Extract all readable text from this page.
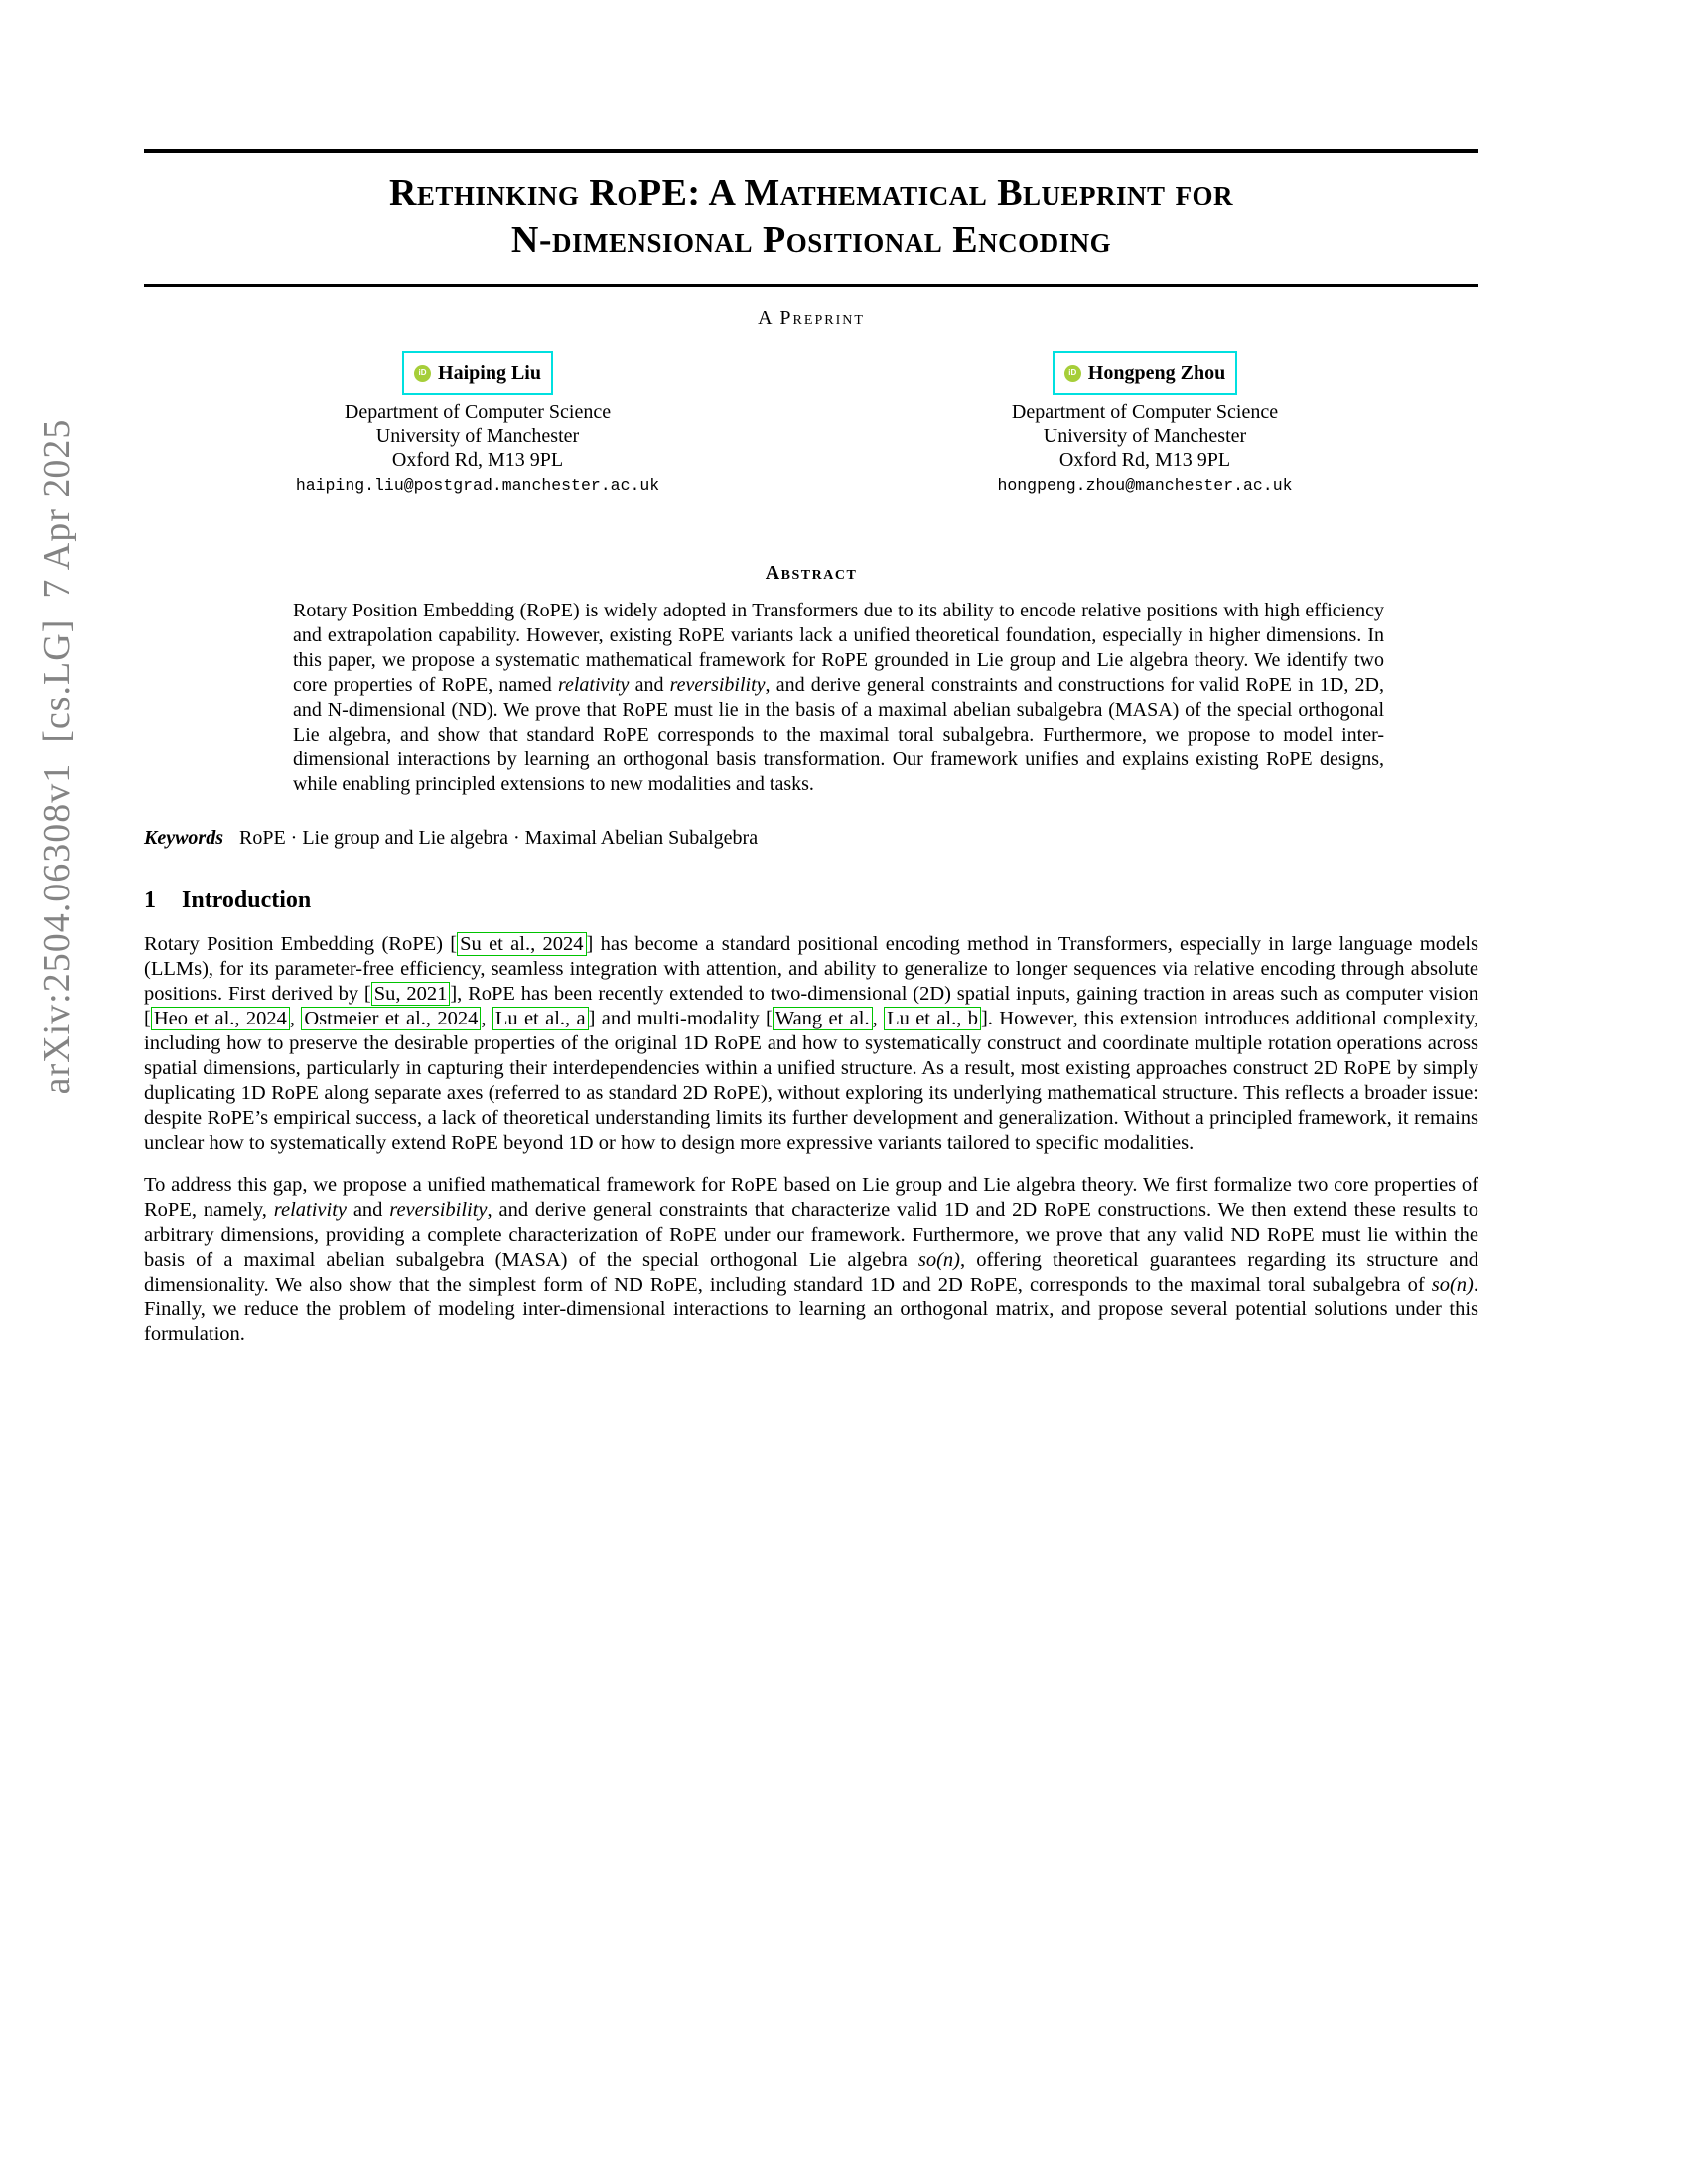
arXiv:2504.06308v1  [cs.LG]  7 Apr 2025
Rethinking RoPE: A Mathematical Blueprint for
N-dimensional Positional Encoding
A Preprint
iD
Haiping Liu
Department of Computer Science
University of Manchester
Oxford Rd, M13 9PL
haiping.liu@postgrad.manchester.ac.uk
iD
Hongpeng Zhou
Department of Computer Science
University of Manchester
Oxford Rd, M13 9PL
hongpeng.zhou@manchester.ac.uk
Abstract

Rotary Position Embedding (RoPE) is widely adopted in Transformers due to its ability to encode relative positions with high efficiency and extrapolation capability. However, existing RoPE variants lack a unified theoretical foundation, especially in higher dimensions. In this paper, we propose a systematic mathematical framework for RoPE grounded in Lie group and Lie algebra theory. We identify two core properties of RoPE, named relativity and reversibility, and derive general constraints and constructions for valid RoPE in 1D, 2D, and N-dimensional (ND). We prove that RoPE must lie in the basis of a maximal abelian subalgebra (MASA) of the special orthogonal Lie algebra, and show that standard RoPE corresponds to the maximal toral subalgebra. Furthermore, we propose to model inter-dimensional interactions by learning an orthogonal basis transformation. Our framework unifies and explains existing RoPE designs, while enabling principled extensions to new modalities and tasks.

Keywords RoPE · Lie group and Lie algebra · Maximal Abelian Subalgebra

1 Introduction

Rotary Position Embedding (RoPE) [ Su et al., 2024 ] has become a standard positional encoding method in Transformers, especially in large language models (LLMs), for its parameter-free efficiency, seamless integration with attention, and ability to generalize to longer sequences via relative encoding through absolute positions. First derived by [ Su, 2021 ], RoPE has been recently extended to two-dimensional (2D) spatial inputs, gaining traction in areas such as computer vision [ Heo et al., 2024 , Ostmeier et al., 2024 , Lu et al., a ] and multi-modality [ Wang et al. , Lu et al., b ]. However, this extension introduces additional complexity, including how to preserve the desirable properties of the original 1D RoPE and how to systematically construct and coordinate multiple rotation operations across spatial dimensions, particularly in capturing their interdependencies within a unified structure. As a result, most existing approaches construct 2D RoPE by simply duplicating 1D RoPE along separate axes (referred to as standard 2D RoPE), without exploring its underlying mathematical structure. This reflects a broader issue: despite RoPE’s empirical success, a lack of theoretical understanding limits its further development and generalization. Without a principled framework, it remains unclear how to systematically extend RoPE beyond 1D or how to design more expressive variants tailored to specific modalities.

To address this gap, we propose a unified mathematical framework for RoPE based on Lie group and Lie algebra theory. We first formalize two core properties of RoPE, namely, relativity and reversibility, and derive general constraints that characterize valid 1D and 2D RoPE constructions. We then extend these results to arbitrary dimensions, providing a complete characterization of RoPE under our framework. Furthermore, we prove that any valid ND RoPE must lie within the basis of a maximal abelian subalgebra (MASA) of the special orthogonal Lie algebra so(n), offering theoretical guarantees regarding its structure and dimensionality. We also show that the simplest form of ND RoPE, including standard 1D and 2D RoPE, corresponds to the maximal toral subalgebra of so(n). Finally, we reduce the problem of modeling inter-dimensional interactions to learning an orthogonal matrix, and propose several potential solutions under this formulation.
